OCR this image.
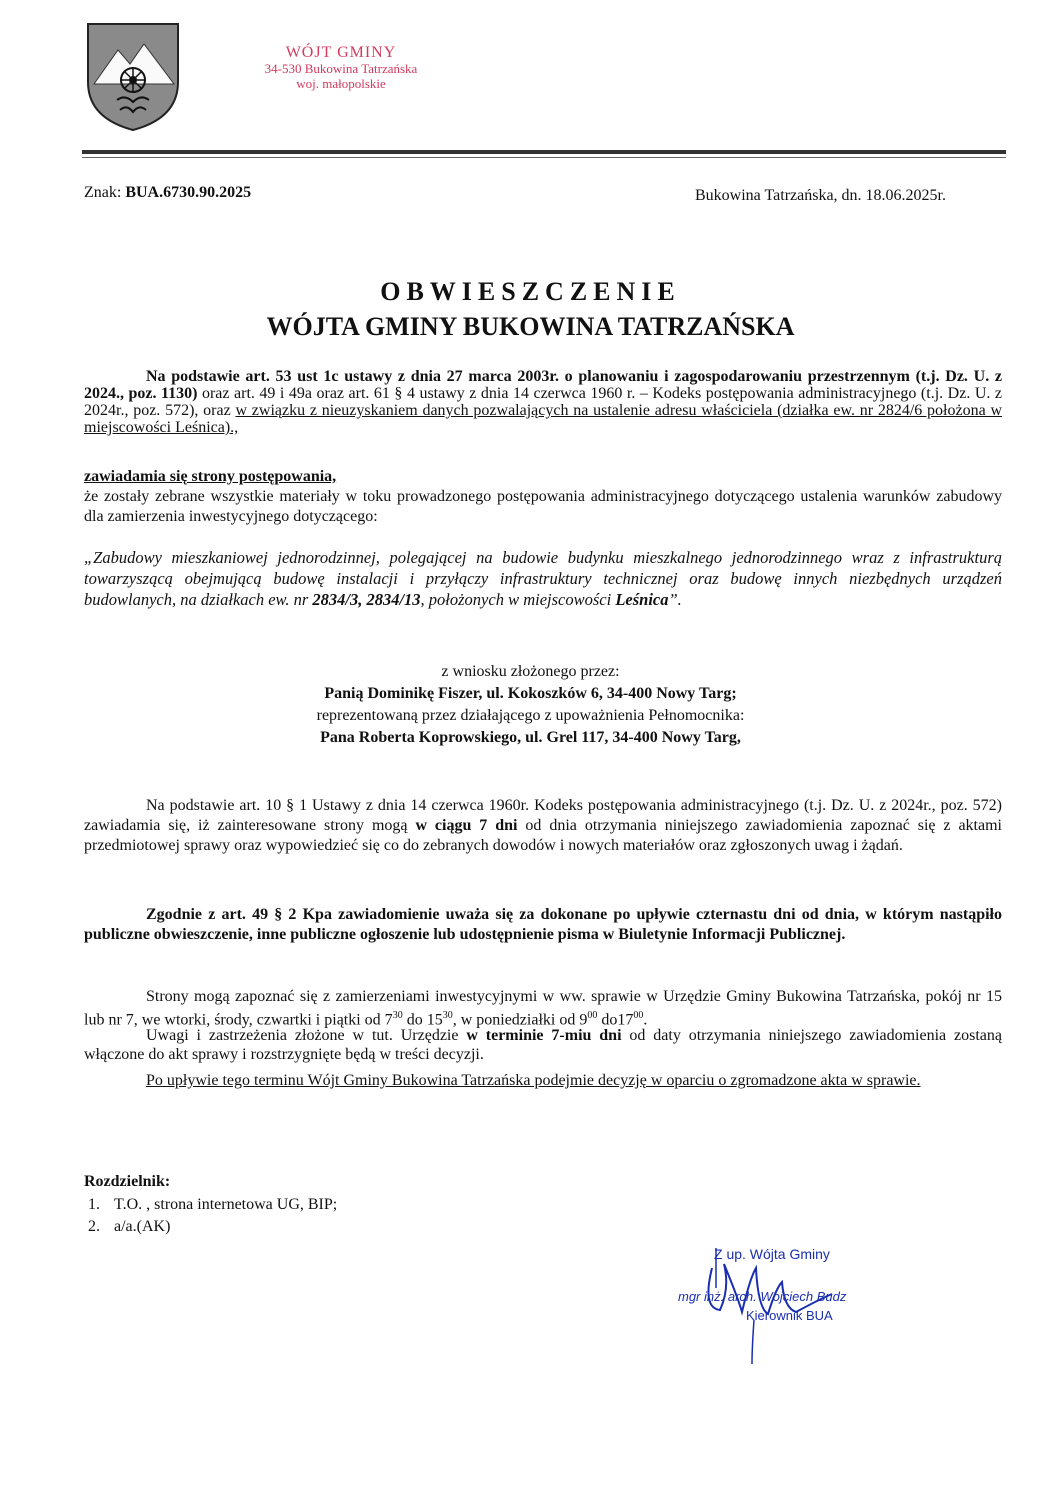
WÓJT GMINY
34-530 Bukowina Tatrzańska
woj. małopolskie
Znak: BUA.6730.90.2025	Bukowina Tatrzańska, dn. 18.06.2025r.
OBWIESZCZENIE
WÓJTA GMINY BUKOWINA TATRZAŃSKA
Na podstawie art. 53 ust 1c ustawy z dnia 27 marca 2003r. o planowaniu i zagospodarowaniu przestrzennym (t.j. Dz. U. z 2024., poz. 1130) oraz art. 49 i 49a oraz art. 61 § 4 ustawy z dnia 14 czerwca 1960 r. – Kodeks postępowania administracyjnego (t.j. Dz. U. z 2024r., poz. 572), oraz w związku z nieuzyskaniem danych pozwalających na ustalenie adresu właściciela (działka ew. nr 2824/6 położona w miejscowości Leśnica).,
zawiadamia się strony postępowania,
że zostały zebrane wszystkie materiały w toku prowadzonego postępowania administracyjnego dotyczącego ustalenia warunków zabudowy dla zamierzenia inwestycyjnego dotyczącego:
„Zabudowy mieszkaniowej jednorodzinnej, polegającej na budowie budynku mieszkalnego jednorodzinnego wraz z infrastrukturą towarzyszącą obejmującą budowę instalacji i przyłączy infrastruktury technicznej oraz budowę innych niezbędnych urządzeń budowlanych, na działkach ew. nr 2834/3, 2834/13, położonych w miejscowości Leśnica”.
z wniosku złożonego przez:
Panią Dominikę Fiszer, ul. Kokoszków 6, 34-400 Nowy Targ;
reprezentowaną przez działającego z upoważnienia Pełnomocnika:
Pana Roberta Koprowskiego, ul. Grel 117, 34-400 Nowy Targ,
Na podstawie art. 10 § 1 Ustawy z dnia 14 czerwca 1960r. Kodeks postępowania administracyjnego (t.j. Dz. U. z 2024r., poz. 572) zawiadamia się, iż zainteresowane strony mogą w ciągu 7 dni od dnia otrzymania niniejszego zawiadomienia zapoznać się z aktami przedmiotowej sprawy oraz wypowiedzieć się co do zebranych dowodów i nowych materiałów oraz zgłoszonych uwag i żądań.
Zgodnie z art. 49 § 2 Kpa zawiadomienie uważa się za dokonane po upływie czternastu dni od dnia, w którym nastąpiło publiczne obwieszczenie, inne publiczne ogłoszenie lub udostępnienie pisma w Biuletynie Informacji Publicznej.
Strony mogą zapoznać się z zamierzeniami inwestycyjnymi w ww. sprawie w Urzędzie Gminy Bukowina Tatrzańska, pokój nr 15 lub nr 7, we wtorki, środy, czwartki i piątki od $7^{30}$ do $15^{30}$, w poniedziałki od $9^{00}$ $do17^{00}$.
Uwagi i zastrzeżenia złożone w tut. Urzędzie w terminie 7-miu dni od daty otrzymania niniejszego zawiadomienia zostaną włączone do akt sprawy i rozstrzygnięte będą w treści decyzji.
Po upływie tego terminu Wójt Gminy Bukowina Tatrzańska podejmie decyzję w oparciu o zgromadzone akta w sprawie.
Rozdzielnik:
1. T.O. , strona internetowa UG, BIP;
2. a/a.(AK)
Z up. Wójta Gminy
mgr inż. arch. Wojciech Budz
Kierownik BUA
